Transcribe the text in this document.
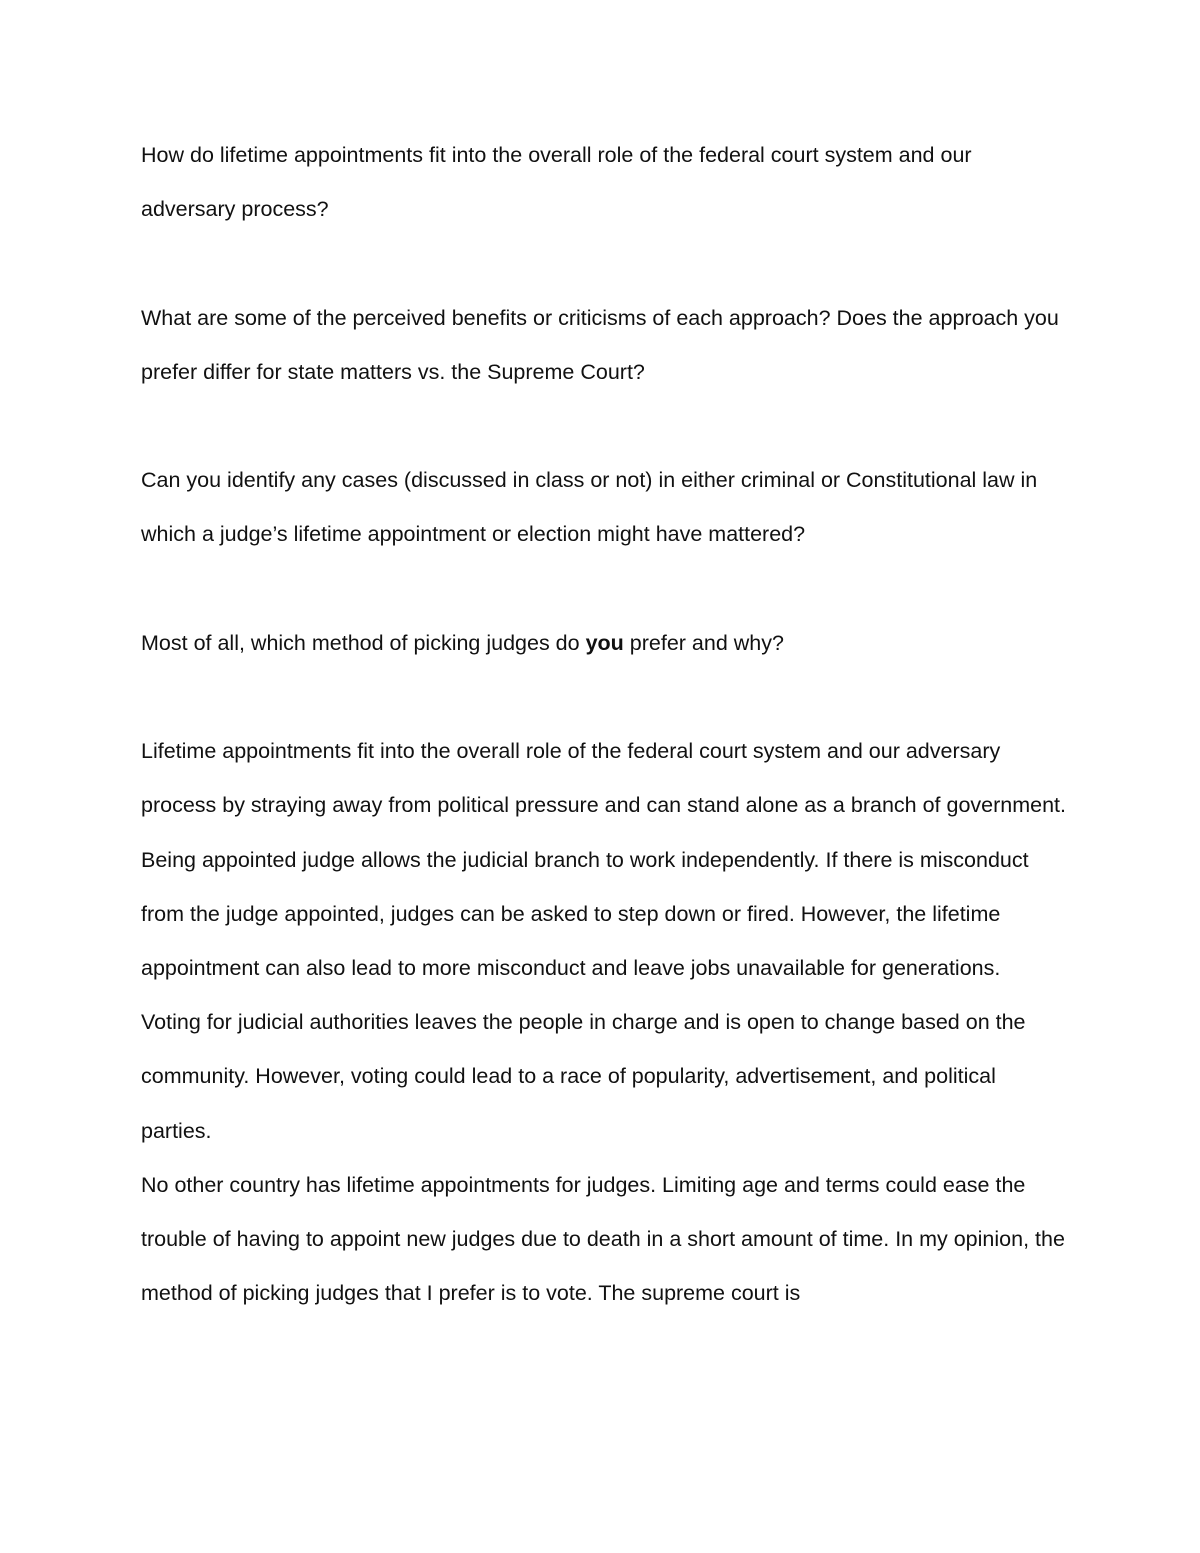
How do lifetime appointments fit into the overall role of the federal court system and our adversary process?

What are some of the perceived benefits or criticisms of each approach? Does the approach you prefer differ for state matters vs. the Supreme Court?

Can you identify any cases (discussed in class or not) in either criminal or Constitutional law in which a judge’s lifetime appointment or election might have mattered?

Most of all, which method of picking judges do you prefer and why?

Lifetime appointments fit into the overall role of the federal court system and our adversary process by straying away from political pressure and can stand alone as a branch of government.

Being appointed judge allows the judicial branch to work independently. If there is misconduct from the judge appointed, judges can be asked to step down or fired. However, the lifetime appointment can also lead to more misconduct and leave jobs unavailable for generations. Voting for judicial authorities leaves the people in charge and is open to change based on the community. However, voting could lead to a race of popularity, advertisement, and political parties.

No other country has lifetime appointments for judges. Limiting age and terms could ease the trouble of having to appoint new judges due to death in a short amount of time. In my opinion, the method of picking judges that I prefer is to vote. The supreme court is
